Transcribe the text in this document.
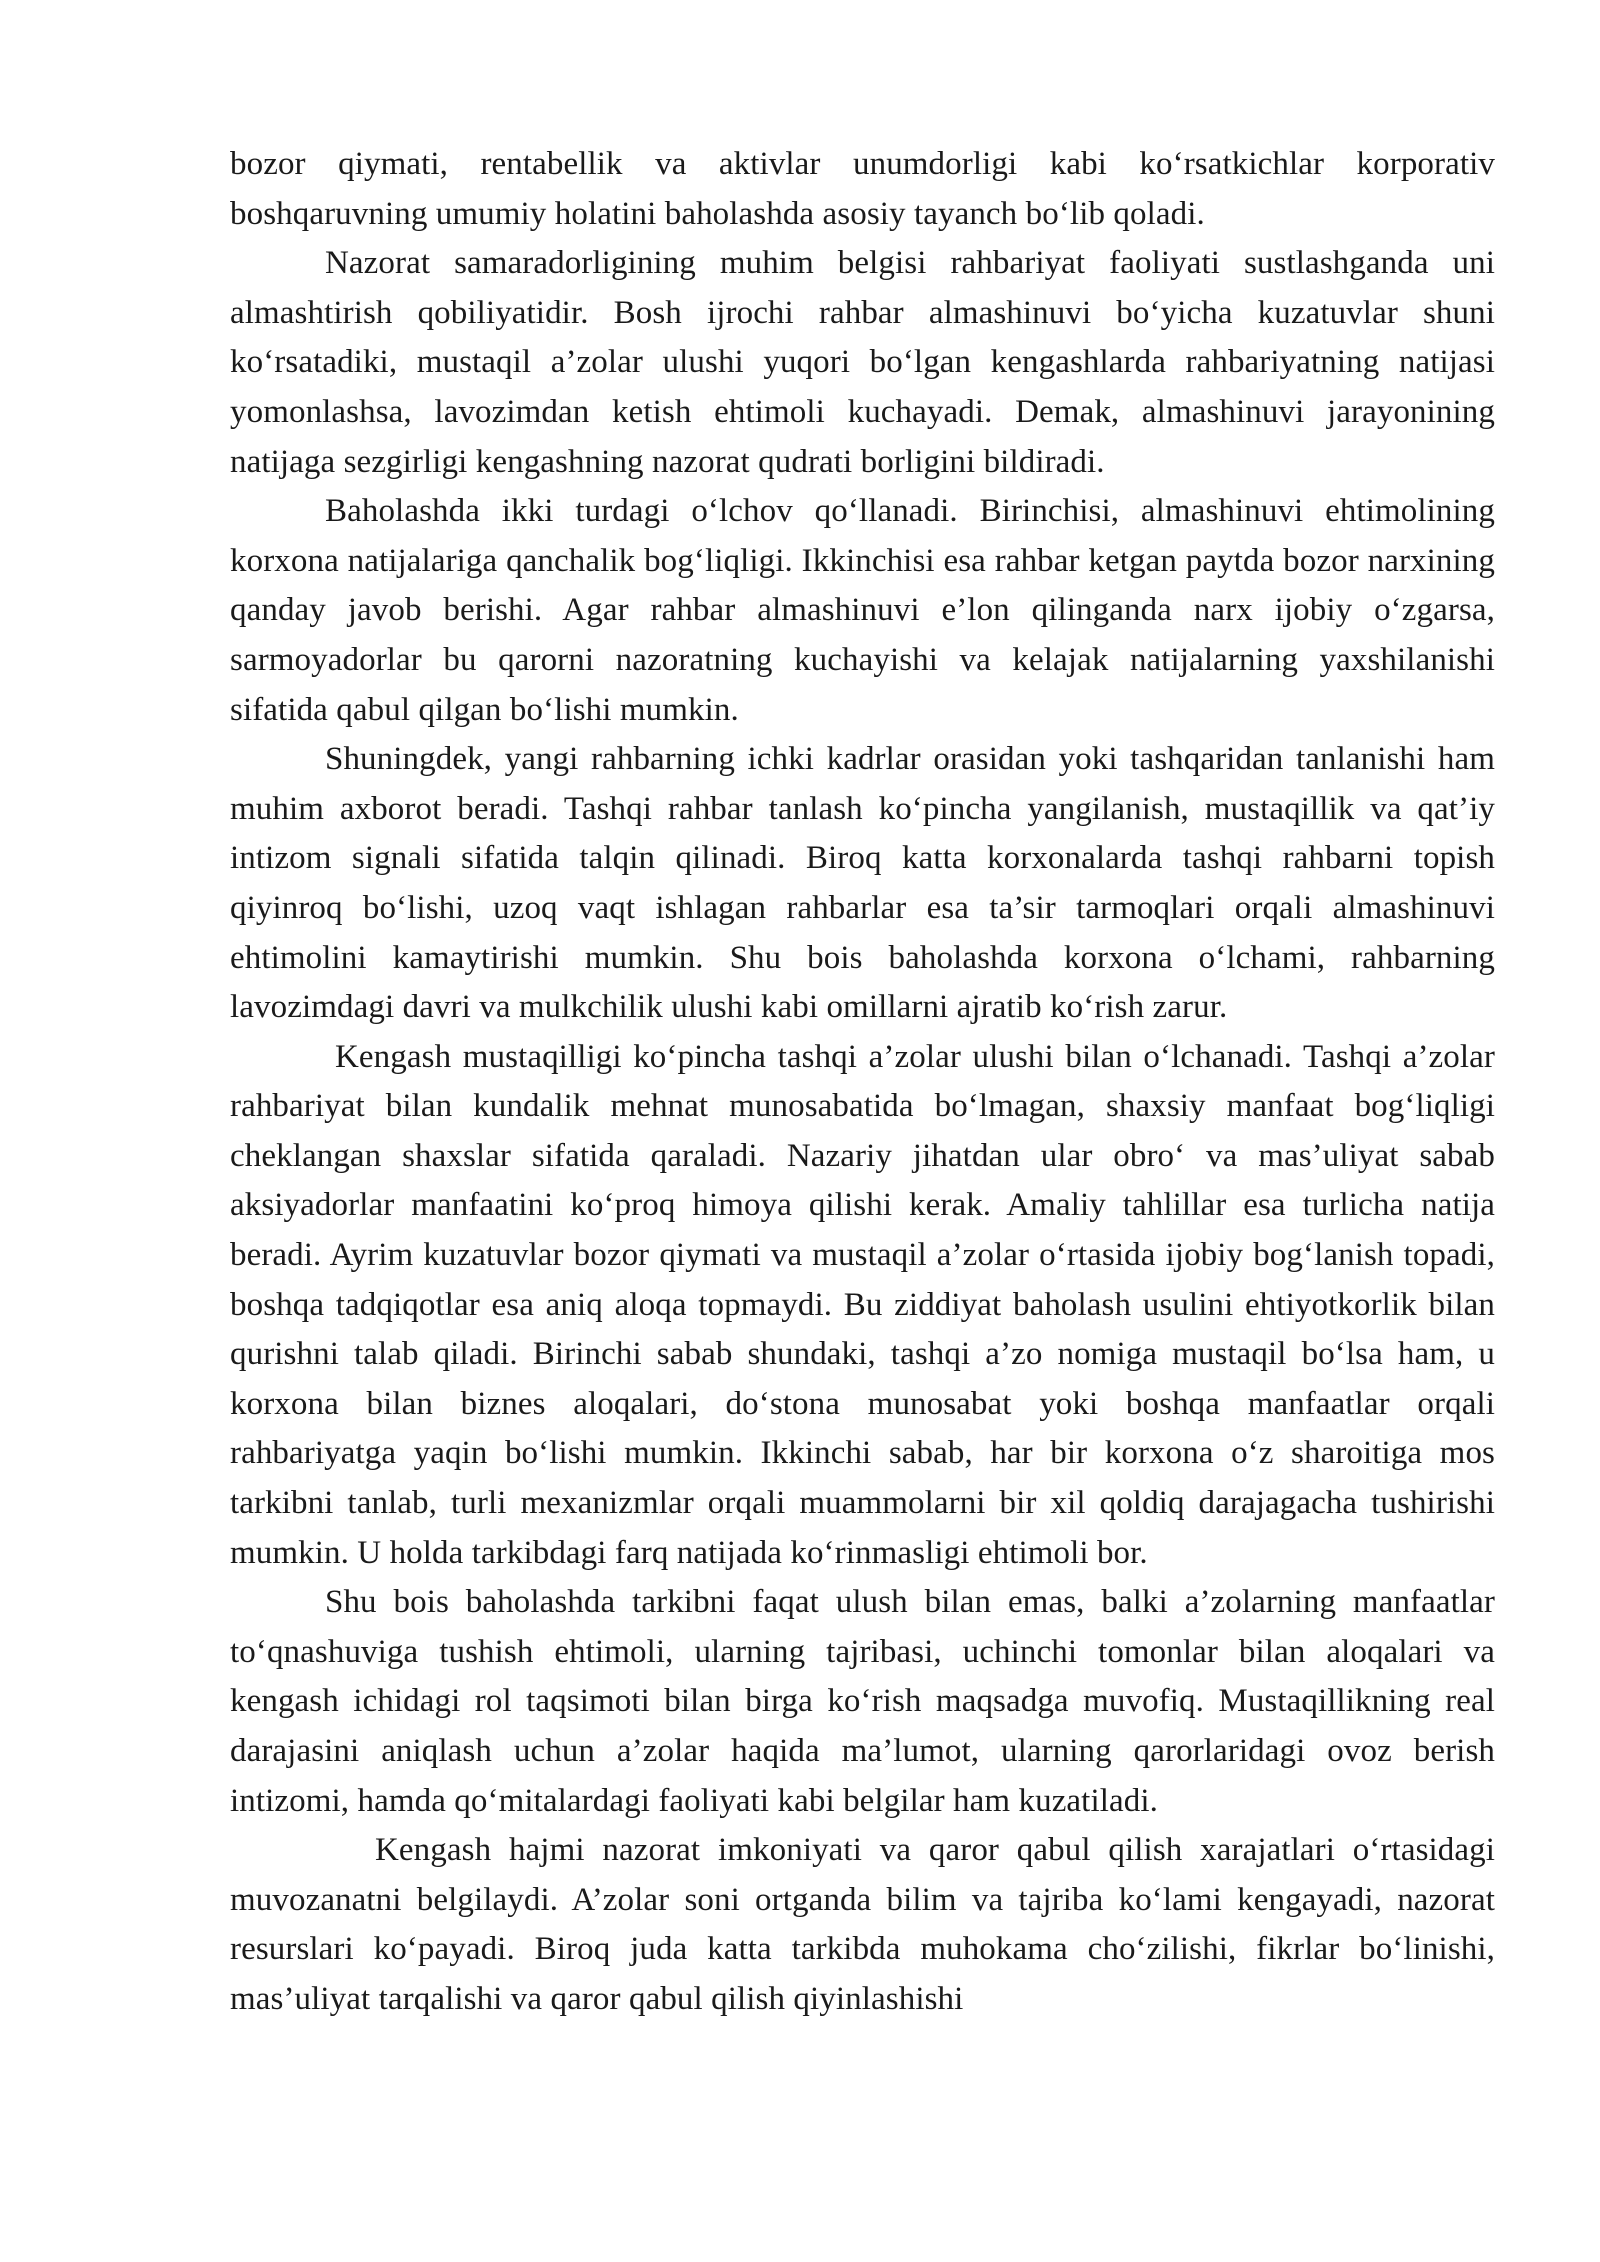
bozor qiymati, rentabellik va aktivlar unumdorligi kabi ko‘rsatkichlar korporativ boshqaruvning umumiy holatini baholashda asosiy tayanch bo‘lib qoladi.

Nazorat samaradorligining muhim belgisi rahbariyat faoliyati sustlashganda uni almashtirish qobiliyatidir. Bosh ijrochi rahbar almashinuvi bo‘yicha kuzatuvlar shuni ko‘rsatadiki, mustaqil a’zolar ulushi yuqori bo‘lgan kengashlarda rahbariyatning natijasi yomonlashsa, lavozimdan ketish ehtimoli kuchayadi. Demak, almashinuvi jarayonining natijaga sezgirligi kengashning nazorat qudrati borligini bildiradi.

Baholashda ikki turdagi o‘lchov qo‘llanadi. Birinchisi, almashinuvi ehtimolining korxona natijalariga qanchalik bog‘liqligi. Ikkinchisi esa rahbar ketgan paytda bozor narxining qanday javob berishi. Agar rahbar almashinuvi e’lon qilinganda narx ijobiy o‘zgarsa, sarmoyadorlar bu qarorni nazoratning kuchayishi va kelajak natijalarning yaxshilanishi sifatida qabul qilgan bo‘lishi mumkin.

Shuningdek, yangi rahbarning ichki kadrlar orasidan yoki tashqaridan tanlanishi ham muhim axborot beradi. Tashqi rahbar tanlash ko‘pincha yangilanish, mustaqillik va qat’iy intizom signali sifatida talqin qilinadi. Biroq katta korxonalarda tashqi rahbarni topish qiyinroq bo‘lishi, uzoq vaqt ishlagan rahbarlar esa ta’sir tarmoqlari orqali almashinuvi ehtimolini kamaytirishi mumkin. Shu bois baholashda korxona o‘lchami, rahbarning lavozimdagi davri va mulkchilik ulushi kabi omillarni ajratib ko‘rish zarur.

Kengash mustaqilligi ko‘pincha tashqi a’zolar ulushi bilan o‘lchanadi. Tashqi a’zolar rahbariyat bilan kundalik mehnat munosabatida bo‘lmagan, shaxsiy manfaat bog‘liqligi cheklangan shaxslar sifatida qaraladi. Nazariy jihatdan ular obro‘ va mas’uliyat sabab aksiyadorlar manfaatini ko‘proq himoya qilishi kerak. Amaliy tahlillar esa turlicha natija beradi. Ayrim kuzatuvlar bozor qiymati va mustaqil a’zolar o‘rtasida ijobiy bog‘lanish topadi, boshqa tadqiqotlar esa aniq aloqa topmaydi. Bu ziddiyat baholash usulini ehtiyotkorlik bilan qurishni talab qiladi. Birinchi sabab shundaki, tashqi a’zo nomiga mustaqil bo‘lsa ham, u korxona bilan biznes aloqalari, do‘stona munosabat yoki boshqa manfaatlar orqali rahbariyatga yaqin bo‘lishi mumkin. Ikkinchi sabab, har bir korxona o‘z sharoitiga mos tarkibni tanlab, turli mexanizmlar orqali muammolarni bir xil qoldiq darajagacha tushirishi mumkin. U holda tarkibdagi farq natijada ko‘rinmasligi ehtimoli bor.

Shu bois baholashda tarkibni faqat ulush bilan emas, balki a’zolarning manfaatlar to‘qnashuviga tushish ehtimoli, ularning tajribasi, uchinchi tomonlar bilan aloqalari va kengash ichidagi rol taqsimoti bilan birga ko‘rish maqsadga muvofiq. Mustaqillikning real darajasini aniqlash uchun a’zolar haqida ma’lumot, ularning qarorlaridagi ovoz berish intizomi, hamda qo‘mitalardagi faoliyati kabi belgilar ham kuzatiladi.

Kengash hajmi nazorat imkoniyati va qaror qabul qilish xarajatlari o‘rtasidagi muvozanatni belgilaydi. A’zolar soni ortganda bilim va tajriba ko‘lami kengayadi, nazorat resurslari ko‘payadi. Biroq juda katta tarkibda muhokama cho‘zilishi, fikrlar bo‘linishi, mas’uliyat tarqalishi va qaror qabul qilish qiyinlashishi
